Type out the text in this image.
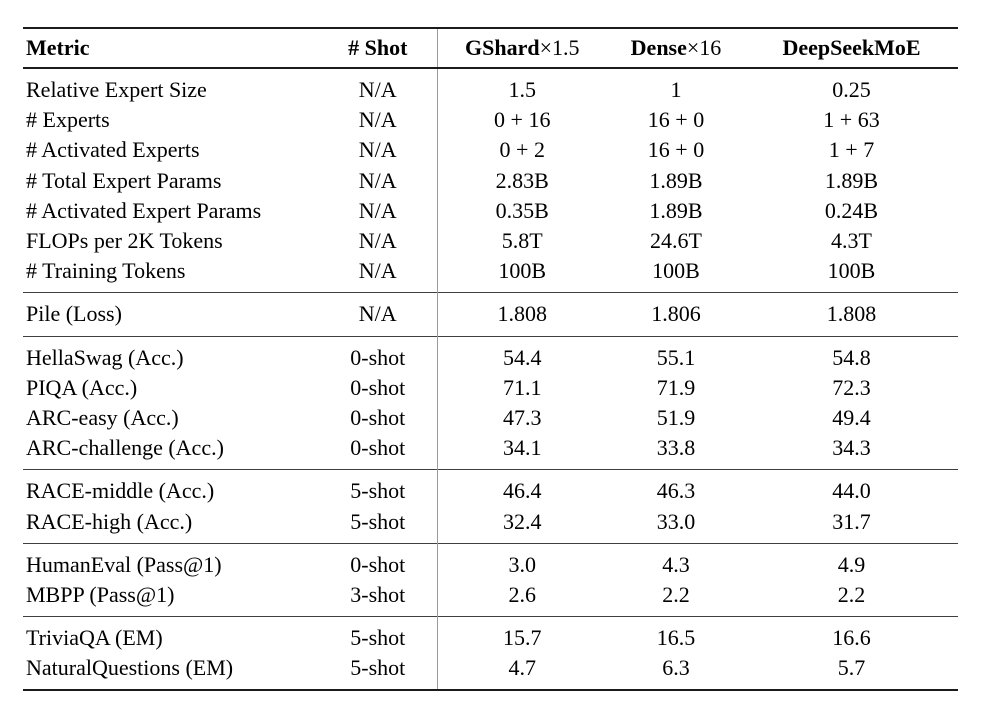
Metric	# Shot	GShard×1.5	Dense×16	DeepSeekMoE
Relative Expert Size	N/A	1.5	1	0.25
# Experts	N/A	0 + 16	16 + 0	1 + 63
# Activated Experts	N/A	0 + 2	16 + 0	1 + 7
# Total Expert Params	N/A	2.83B	1.89B	1.89B
# Activated Expert Params	N/A	0.35B	1.89B	0.24B
FLOPs per 2K Tokens	N/A	5.8T	24.6T	4.3T
# Training Tokens	N/A	100B	100B	100B
Pile (Loss)	N/A	1.808	1.806	1.808
HellaSwag (Acc.)	0-shot	54.4	55.1	54.8
PIQA (Acc.)	0-shot	71.1	71.9	72.3
ARC-easy (Acc.)	0-shot	47.3	51.9	49.4
ARC-challenge (Acc.)	0-shot	34.1	33.8	34.3
RACE-middle (Acc.)	5-shot	46.4	46.3	44.0
RACE-high (Acc.)	5-shot	32.4	33.0	31.7
HumanEval (Pass@1)	0-shot	3.0	4.3	4.9
MBPP (Pass@1)	3-shot	2.6	2.2	2.2
TriviaQA (EM)	5-shot	15.7	16.5	16.6
NaturalQuestions (EM)	5-shot	4.7	6.3	5.7
